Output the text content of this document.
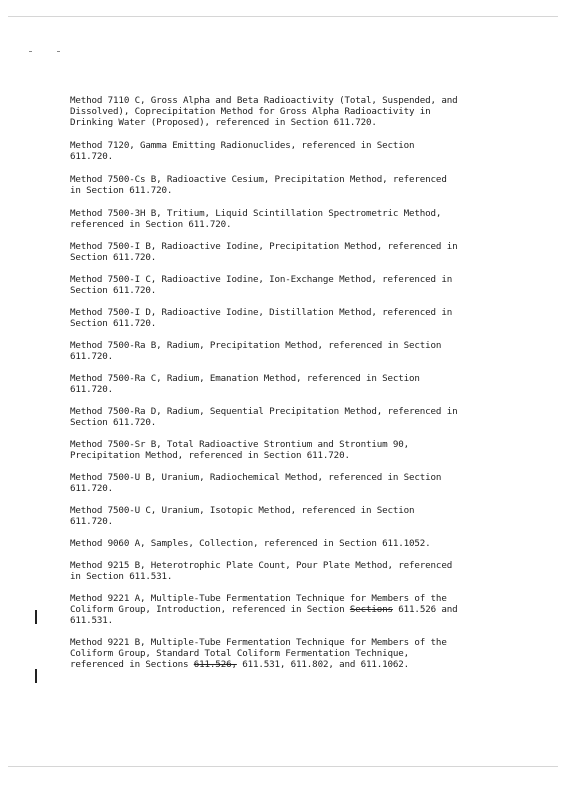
Method 7110 C, Gross Alpha and Beta Radioactivity (Total, Suspended, and
Dissolved), Coprecipitation Method for Gross Alpha Radioactivity in
Drinking Water (Proposed), referenced in Section 611.720.
Method 7120, Gamma Emitting Radionuclides, referenced in Section
611.720.
Method 7500-Cs B, Radioactive Cesium, Precipitation Method, referenced
in Section 611.720.
Method 7500-3H B, Tritium, Liquid Scintillation Spectrometric Method,
referenced in Section 611.720.
Method 7500-I B, Radioactive Iodine, Precipitation Method, referenced in
Section 611.720.
Method 7500-I C, Radioactive Iodine, Ion-Exchange Method, referenced in
Section 611.720.
Method 7500-I D, Radioactive Iodine, Distillation Method, referenced in
Section 611.720.
Method 7500-Ra B, Radium, Precipitation Method, referenced in Section
611.720.
Method 7500-Ra C, Radium, Emanation Method, referenced in Section
611.720.
Method 7500-Ra D, Radium, Sequential Precipitation Method, referenced in
Section 611.720.
Method 7500-Sr B, Total Radioactive Strontium and Strontium 90,
Precipitation Method, referenced in Section 611.720.
Method 7500-U B, Uranium, Radiochemical Method, referenced in Section
611.720.
Method 7500-U C, Uranium, Isotopic Method, referenced in Section
611.720.
Method 9060 A, Samples, Collection, referenced in Section 611.1052.
Method 9215 B, Heterotrophic Plate Count, Pour Plate Method, referenced
in Section 611.531.
Method 9221 A, Multiple-Tube Fermentation Technique for Members of the
Coliform Group, Introduction, referenced in Section Sections 611.526 and
611.531.
Method 9221 B, Multiple-Tube Fermentation Technique for Members of the
Coliform Group, Standard Total Coliform Fermentation Technique,
referenced in Sections 611.526, 611.531, 611.802, and 611.1062.
